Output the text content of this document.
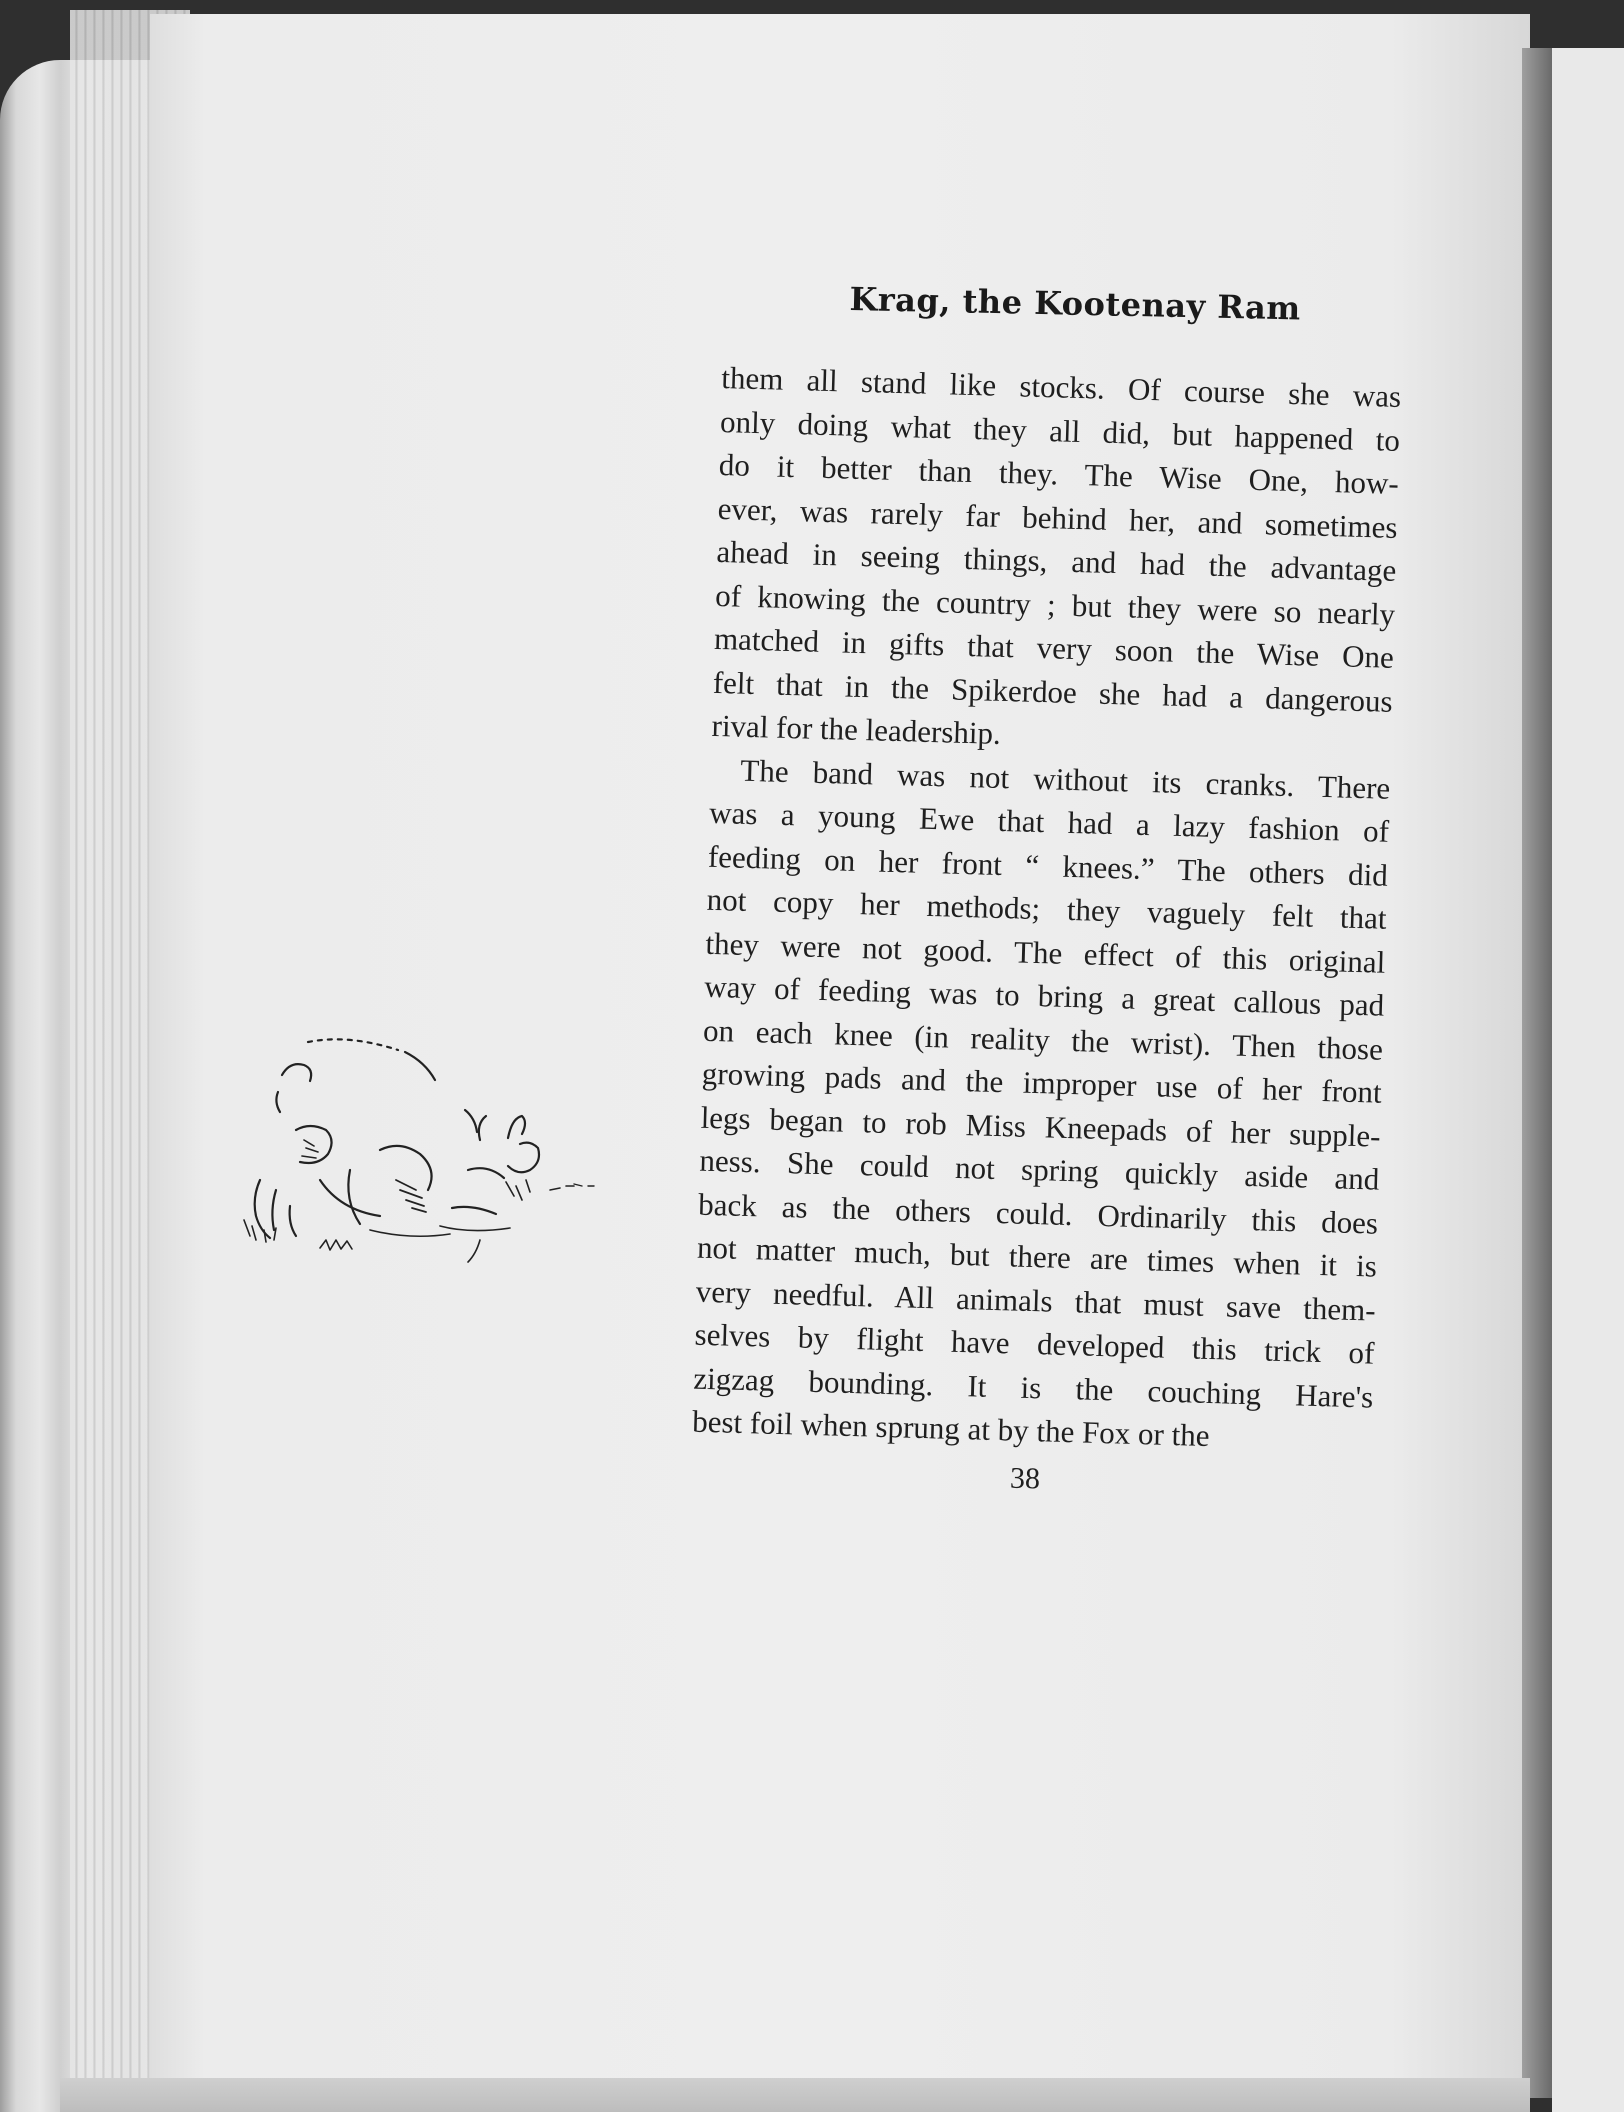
Krag, the Kootenay Ram
them all stand like stocks. Of course she was
only doing what they all did, but happened to
do it better than they. The Wise One, how-
ever, was rarely far behind her, and sometimes
ahead in seeing things, and had the advantage
of knowing the country ; but they were so nearly
matched in gifts that very soon the Wise One
felt that in the Spikerdoe she had a dangerous
rival for the leadership.
The band was not without its cranks. There
was a young Ewe that had a lazy fashion of
feeding on her front “ knees.” The others did
not copy her methods; they vaguely felt that
they were not good. The effect of this original
way of feeding was to bring a great callous pad
on each knee (in reality the wrist). Then those
growing pads and the improper use of her front
legs began to rob Miss Kneepads of her supple-
ness. She could not spring quickly aside and
back as the others could. Ordinarily this does
not matter much, but there are times when it is
very needful. All animals that must save them-
selves by flight have developed this trick of
zigzag bounding. It is the couching Hare's
best foil when sprung at by the Fox or the
38
